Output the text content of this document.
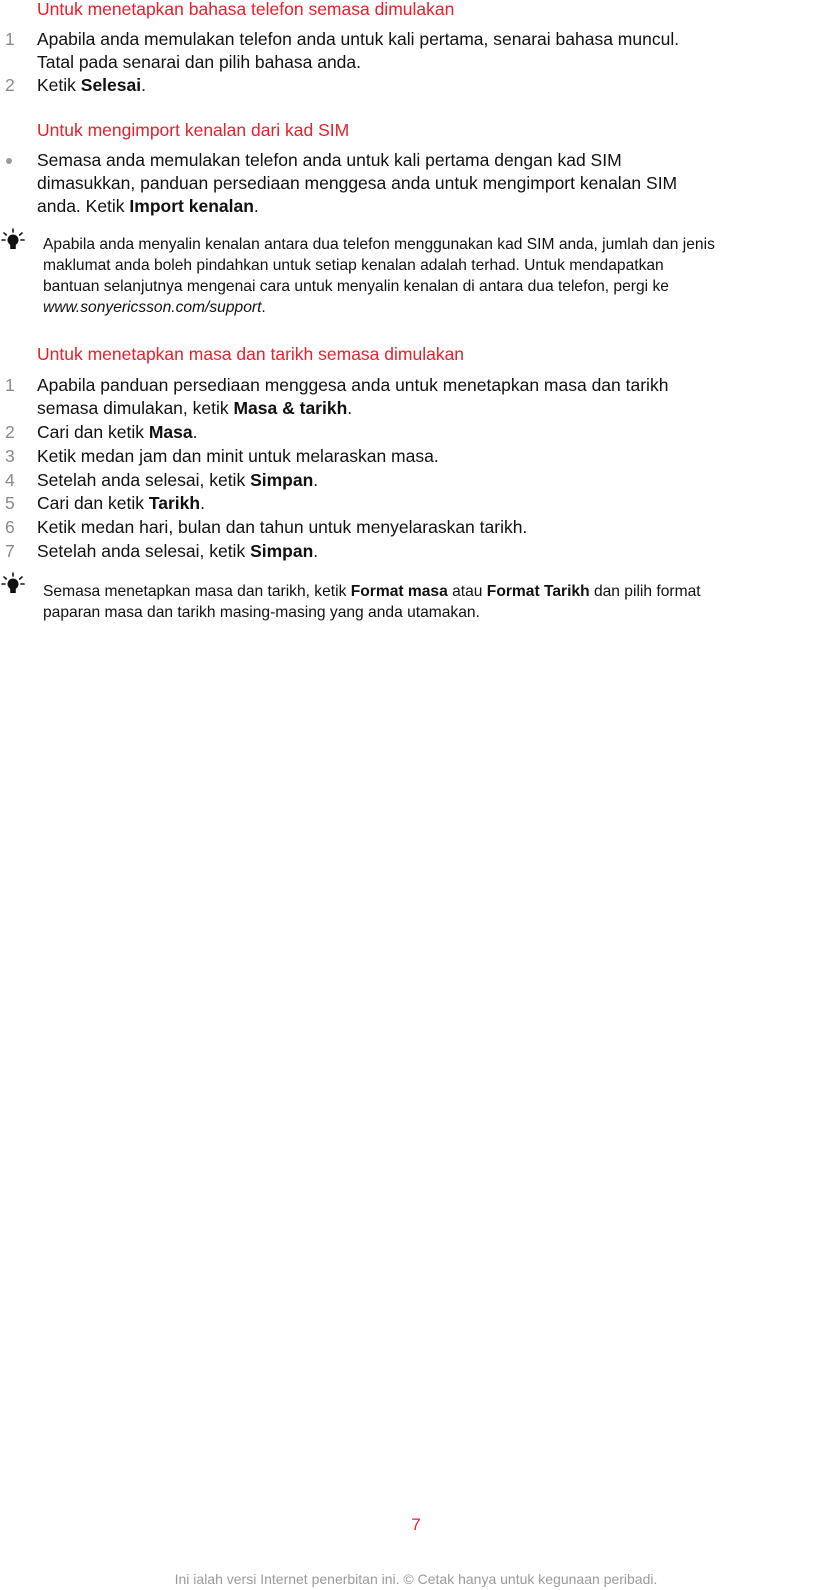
Untuk menetapkan bahasa telefon semasa dimulakan
1	Apabila anda memulakan telefon anda untuk kali pertama, senarai bahasa muncul.
Tatal pada senarai dan pilih bahasa anda.
2	Ketik Selesai.
Untuk mengimport kenalan dari kad SIM
Semasa anda memulakan telefon anda untuk kali pertama dengan kad SIM
dimasukkan, panduan persediaan menggesa anda untuk mengimport kenalan SIM
anda. Ketik Import kenalan.
Apabila anda menyalin kenalan antara dua telefon menggunakan kad SIM anda, jumlah dan jenis
maklumat anda boleh pindahkan untuk setiap kenalan adalah terhad. Untuk mendapatkan
bantuan selanjutnya mengenai cara untuk menyalin kenalan di antara dua telefon, pergi ke
www.sonyericsson.com/support.
Untuk menetapkan masa dan tarikh semasa dimulakan
1	Apabila panduan persediaan menggesa anda untuk menetapkan masa dan tarikh
semasa dimulakan, ketik Masa & tarikh.
2	Cari dan ketik Masa.
3	Ketik medan jam dan minit untuk melaraskan masa.
4	Setelah anda selesai, ketik Simpan.
5	Cari dan ketik Tarikh.
6	Ketik medan hari, bulan dan tahun untuk menyelaraskan tarikh.
7	Setelah anda selesai, ketik Simpan.
Semasa menetapkan masa dan tarikh, ketik Format masa atau Format Tarikh dan pilih format
paparan masa dan tarikh masing-masing yang anda utamakan.
7
Ini ialah versi Internet penerbitan ini. © Cetak hanya untuk kegunaan peribadi.
